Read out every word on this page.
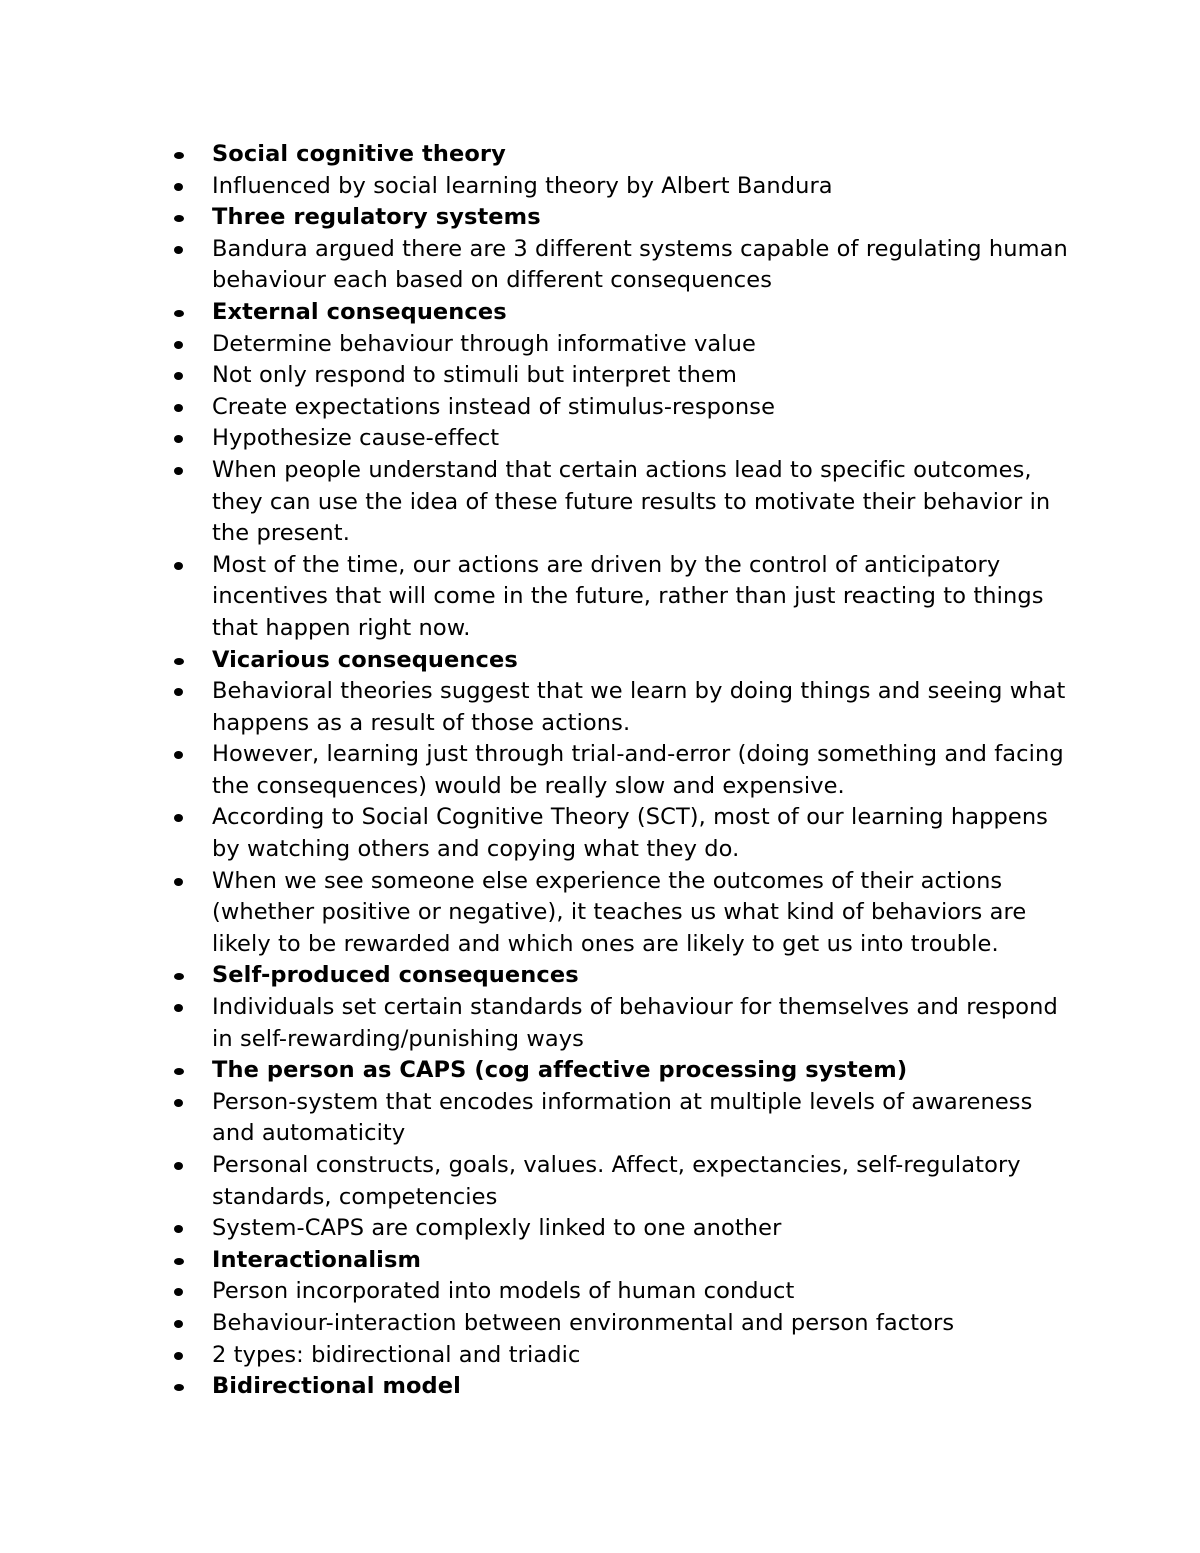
Social cognitive theory
Influenced by social learning theory by Albert Bandura
Three regulatory systems
Bandura argued there are 3 different systems capable of regulating human behaviour each based on different consequences
External consequences
Determine behaviour through informative value
Not only respond to stimuli but interpret them
Create expectations instead of stimulus-response
Hypothesize cause-effect
When people understand that certain actions lead to specific outcomes, they can use the idea of these future results to motivate their behavior in the present.
Most of the time, our actions are driven by the control of anticipatory incentives that will come in the future, rather than just reacting to things that happen right now.
Vicarious consequences
Behavioral theories suggest that we learn by doing things and seeing what happens as a result of those actions.
However, learning just through trial-and-error (doing something and facing the consequences) would be really slow and expensive.
According to Social Cognitive Theory (SCT), most of our learning happens by watching others and copying what they do.
When we see someone else experience the outcomes of their actions (whether positive or negative), it teaches us what kind of behaviors are likely to be rewarded and which ones are likely to get us into trouble.
Self-produced consequences
Individuals set certain standards of behaviour for themselves and respond in self-rewarding/punishing ways
The person as CAPS (cog affective processing system)
Person-system that encodes information at multiple levels of awareness and automaticity
Personal constructs, goals, values. Affect, expectancies, self-regulatory standards, competencies
System-CAPS are complexly linked to one another
Interactionalism
Person incorporated into models of human conduct
Behaviour-interaction between environmental and person factors
2 types: bidirectional and triadic
Bidirectional model
